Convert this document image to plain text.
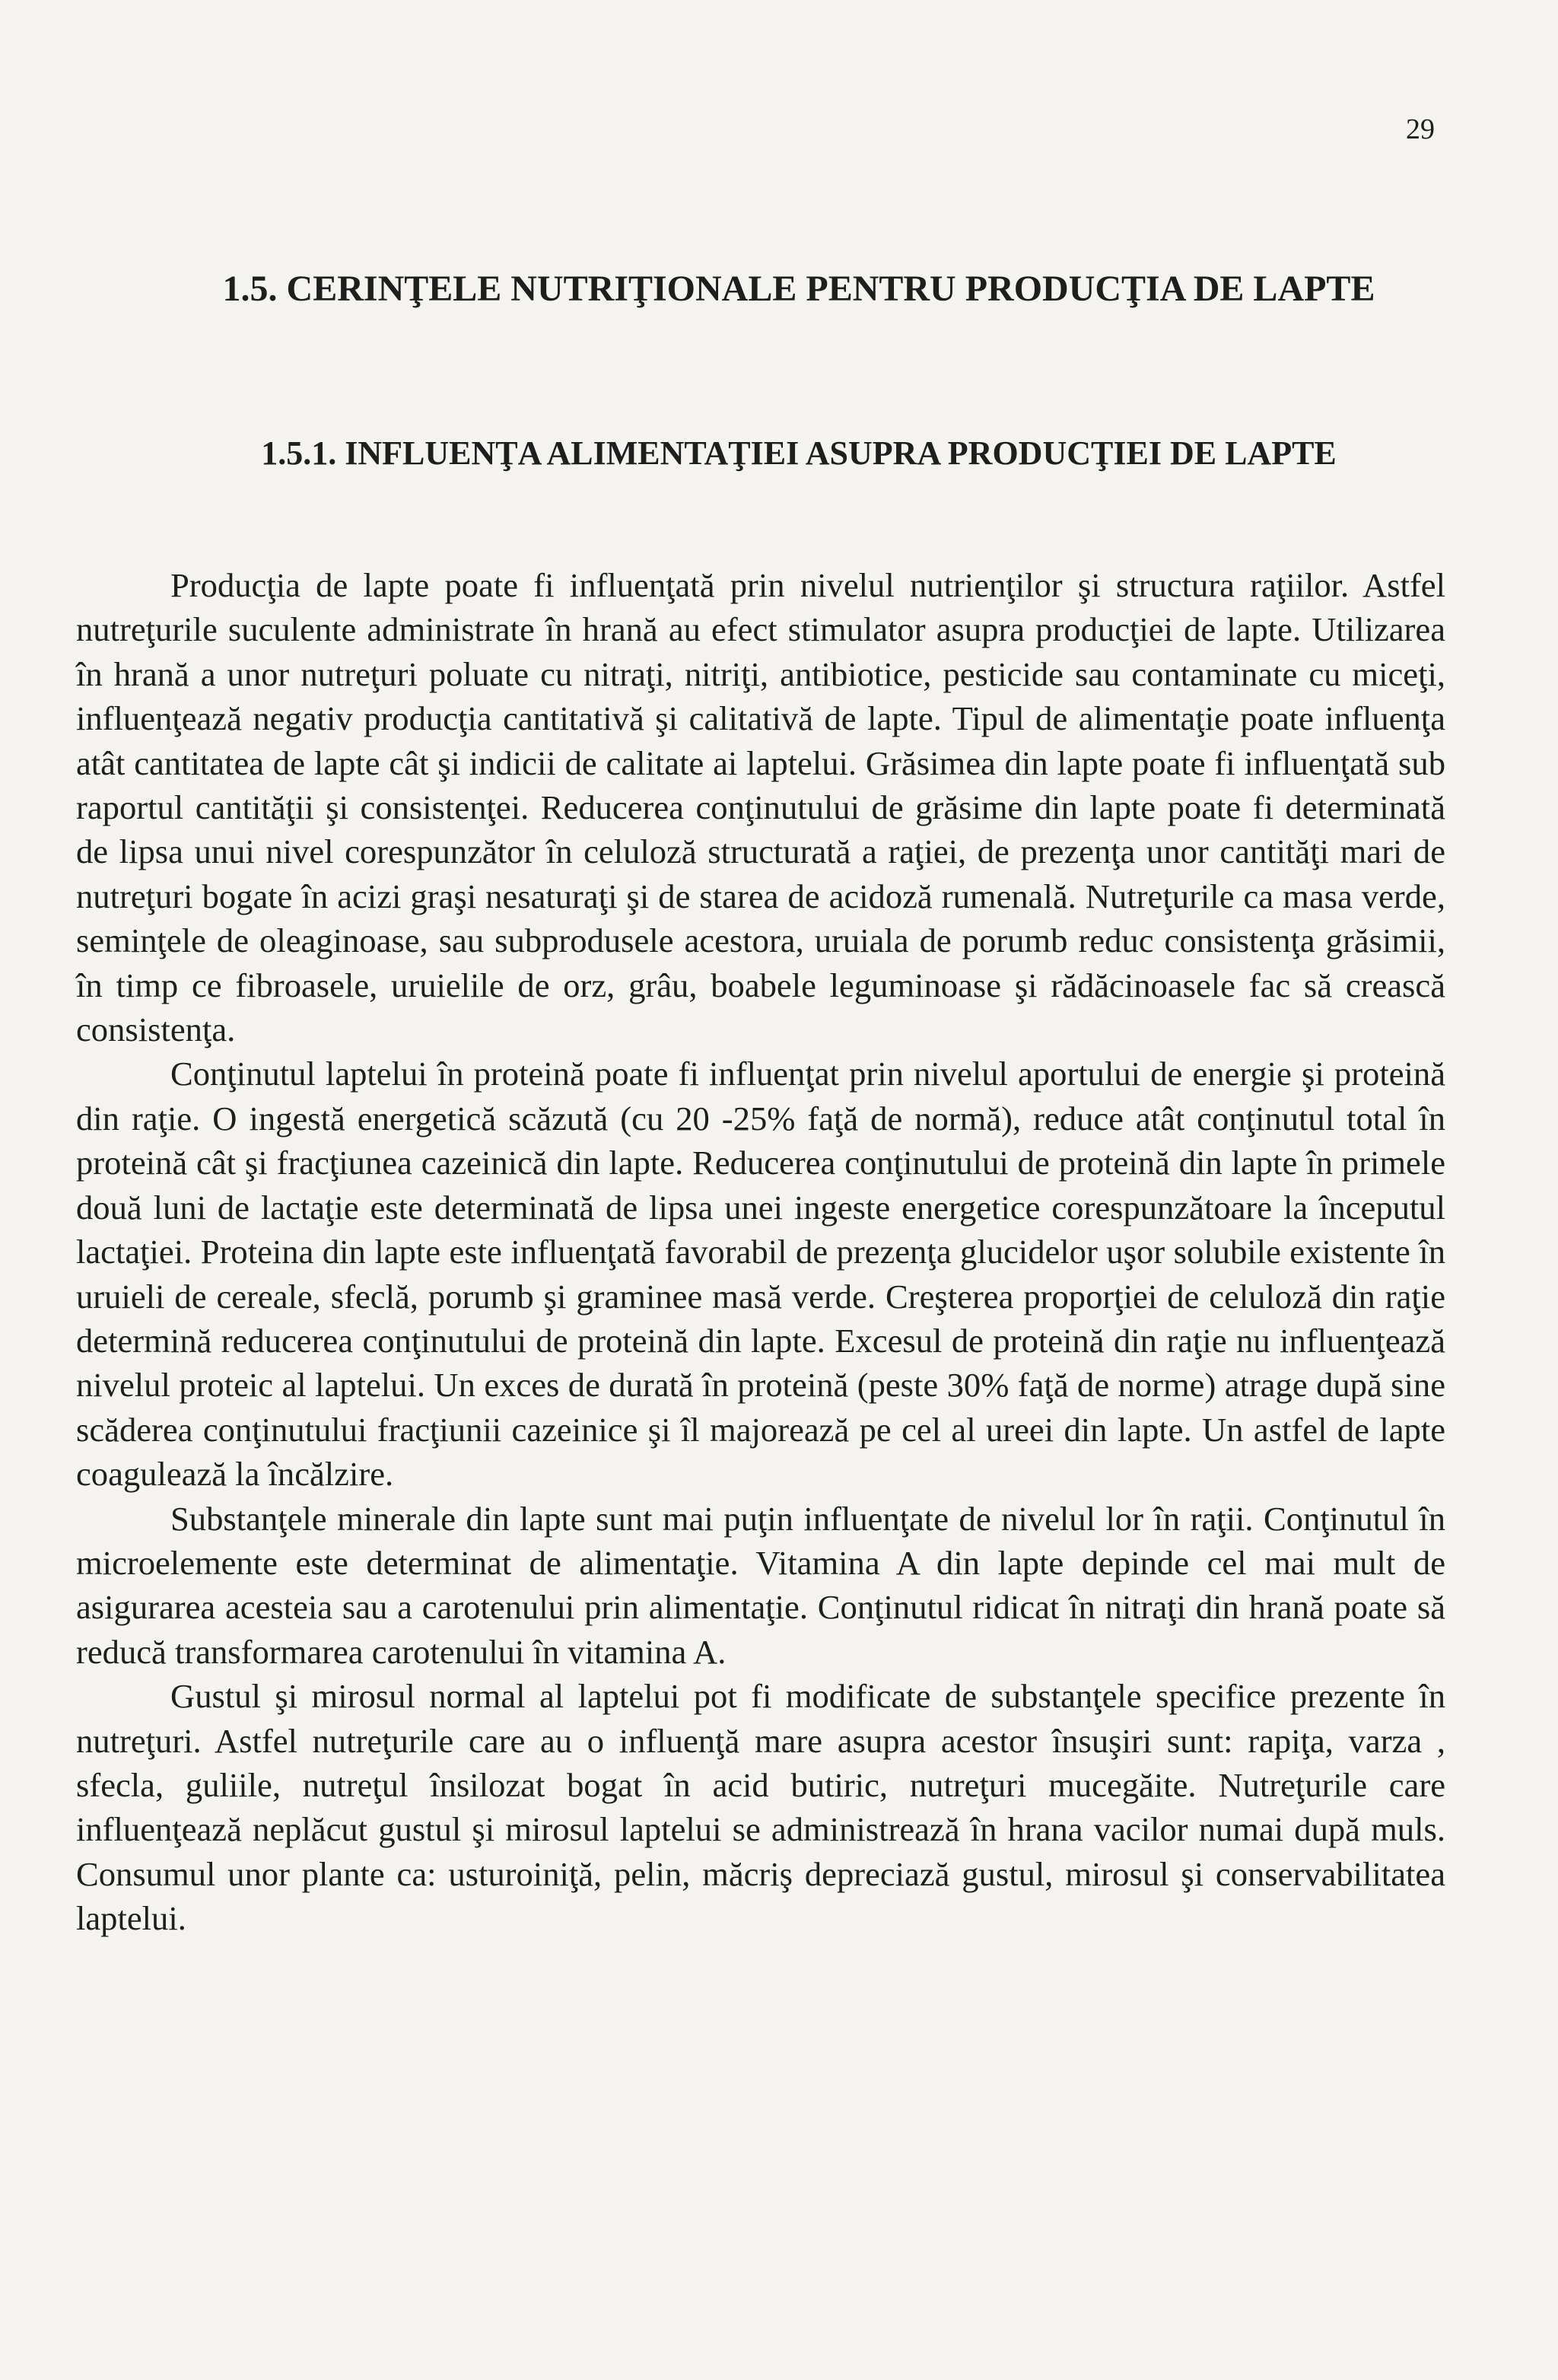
29
1.5. CERINŢELE NUTRIŢIONALE PENTRU PRODUCŢIA DE LAPTE
1.5.1. INFLUENŢA ALIMENTAŢIEI ASUPRA PRODUCŢIEI DE LAPTE

Producţia de lapte poate fi influenţată prin nivelul nutrienţilor şi structura raţiilor. Astfel nutreţurile suculente administrate în hrană au efect stimulator asupra producţiei de lapte. Utilizarea în hrană a unor nutreţuri poluate cu nitraţi, nitriţi, antibiotice, pesticide sau contaminate cu miceţi, influenţează negativ producţia cantitativă şi calitativă de lapte. Tipul de alimentaţie poate influenţa atât cantitatea de lapte cât şi indicii de calitate ai laptelui. Grăsimea din lapte poate fi influenţată sub raportul cantităţii şi consistenţei. Reducerea conţinutului de grăsime din lapte poate fi determinată de lipsa unui nivel corespunzător în celuloză structurată a raţiei, de prezenţa unor cantităţi mari de nutreţuri bogate în acizi graşi nesaturaţi şi de starea de acidoză rumenală. Nutreţurile ca masa verde, seminţele de oleaginoase, sau subprodusele acestora, uruiala de porumb reduc consistenţa grăsimii, în timp ce fibroasele, uruielile de orz, grâu, boabele leguminoase şi rădăcinoasele fac să crească consistenţa.

Conţinutul laptelui în proteină poate fi influenţat prin nivelul aportului de energie şi proteină din raţie. O ingestă energetică scăzută (cu 20 -25% faţă de normă), reduce atât conţinutul total în proteină cât şi fracţiunea cazeinică din lapte. Reducerea conţinutului de proteină din lapte în primele două luni de lactaţie este determinată de lipsa unei ingeste energetice corespunzătoare la începutul lactaţiei. Proteina din lapte este influenţată favorabil de prezenţa glucidelor uşor solubile existente în uruieli de cereale, sfeclă, porumb şi graminee masă verde. Creşterea proporţiei de celuloză din raţie determină reducerea conţinutului de proteină din lapte. Excesul de proteină din raţie nu influenţează nivelul proteic al laptelui. Un exces de durată în proteină (peste 30% faţă de norme) atrage după sine scăderea conţinutului fracţiunii cazeinice şi îl majorează pe cel al ureei din lapte. Un astfel de lapte coagulează la încălzire.

Substanţele minerale din lapte sunt mai puţin influenţate de nivelul lor în raţii. Conţinutul în microelemente este determinat de alimentaţie. Vitamina A din lapte depinde cel mai mult de asigurarea acesteia sau a carotenului prin alimentaţie. Conţinutul ridicat în nitraţi din hrană poate să reducă transformarea carotenului în vitamina A.

Gustul şi mirosul normal al laptelui pot fi modificate de substanţele specifice prezente în nutreţuri. Astfel nutreţurile care au o influenţă mare asupra acestor însuşiri sunt: rapiţa, varza , sfecla, guliile, nutreţul însilozat bogat în acid butiric, nutreţuri mucegăite. Nutreţurile care influenţează neplăcut gustul şi mirosul laptelui se administrează în hrana vacilor numai după muls. Consumul unor plante ca: usturoiniţă, pelin, măcriş depreciază gustul, mirosul şi conservabilitatea laptelui.
